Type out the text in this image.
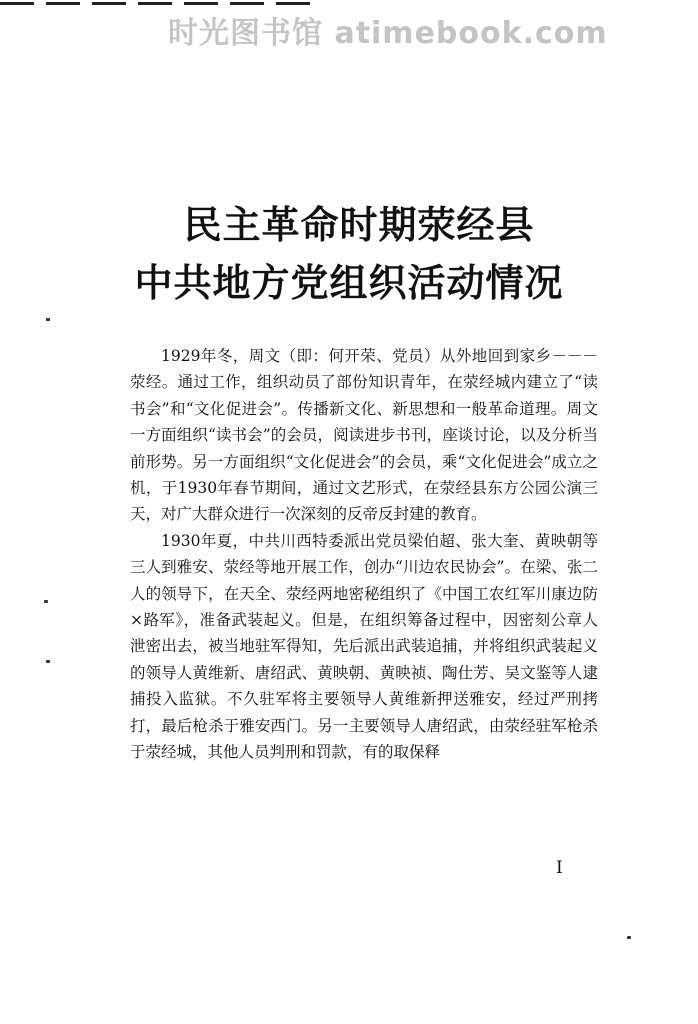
时光图书馆 atimebook.com
民主革命时期荥经县
中共地方党组织活动情况

1929年冬，周文（即：何开荣、党员）从外地回到家乡－－－荥经。通过工作，组织动员了部份知识青年，在荥经城内建立了“读书会”和“文化促进会”。传播新文化、新思想和一般革命道理。周文一方面组织“读书会”的会员，阅读进步书刊，座谈讨论，以及分析当前形势。另一方面组织“文化促进会”的会员，乘“文化促进会”成立之机，于1930年春节期间，通过文艺形式，在荥经县东方公园公演三天，对广大群众进行一次深刻的反帝反封建的教育。

1930年夏，中共川西特委派出党员梁伯超、张大奎、黄映朝等三人到雅安、荥经等地开展工作，创办“川边农民协会”。在梁、张二人的领导下，在天全、荥经两地密秘组织了《中国工农红军川康边防×路军》，准备武装起义。但是，在组织筹备过程中，因密刻公章人泄密出去，被当地驻军得知，先后派出武装追捕，并将组织武装起义的领导人黄维新、唐绍武、黄映朝、黄映祯、陶仕芳、吴文鉴等人逮捕投入监狱。不久驻军将主要领导人黄维新押送雅安，经过严刑拷打，最后枪杀于雅安西门。另一主要领导人唐绍武，由荥经驻军枪杀于荥经城，其他人员判刑和罚款，有的取保释

I
